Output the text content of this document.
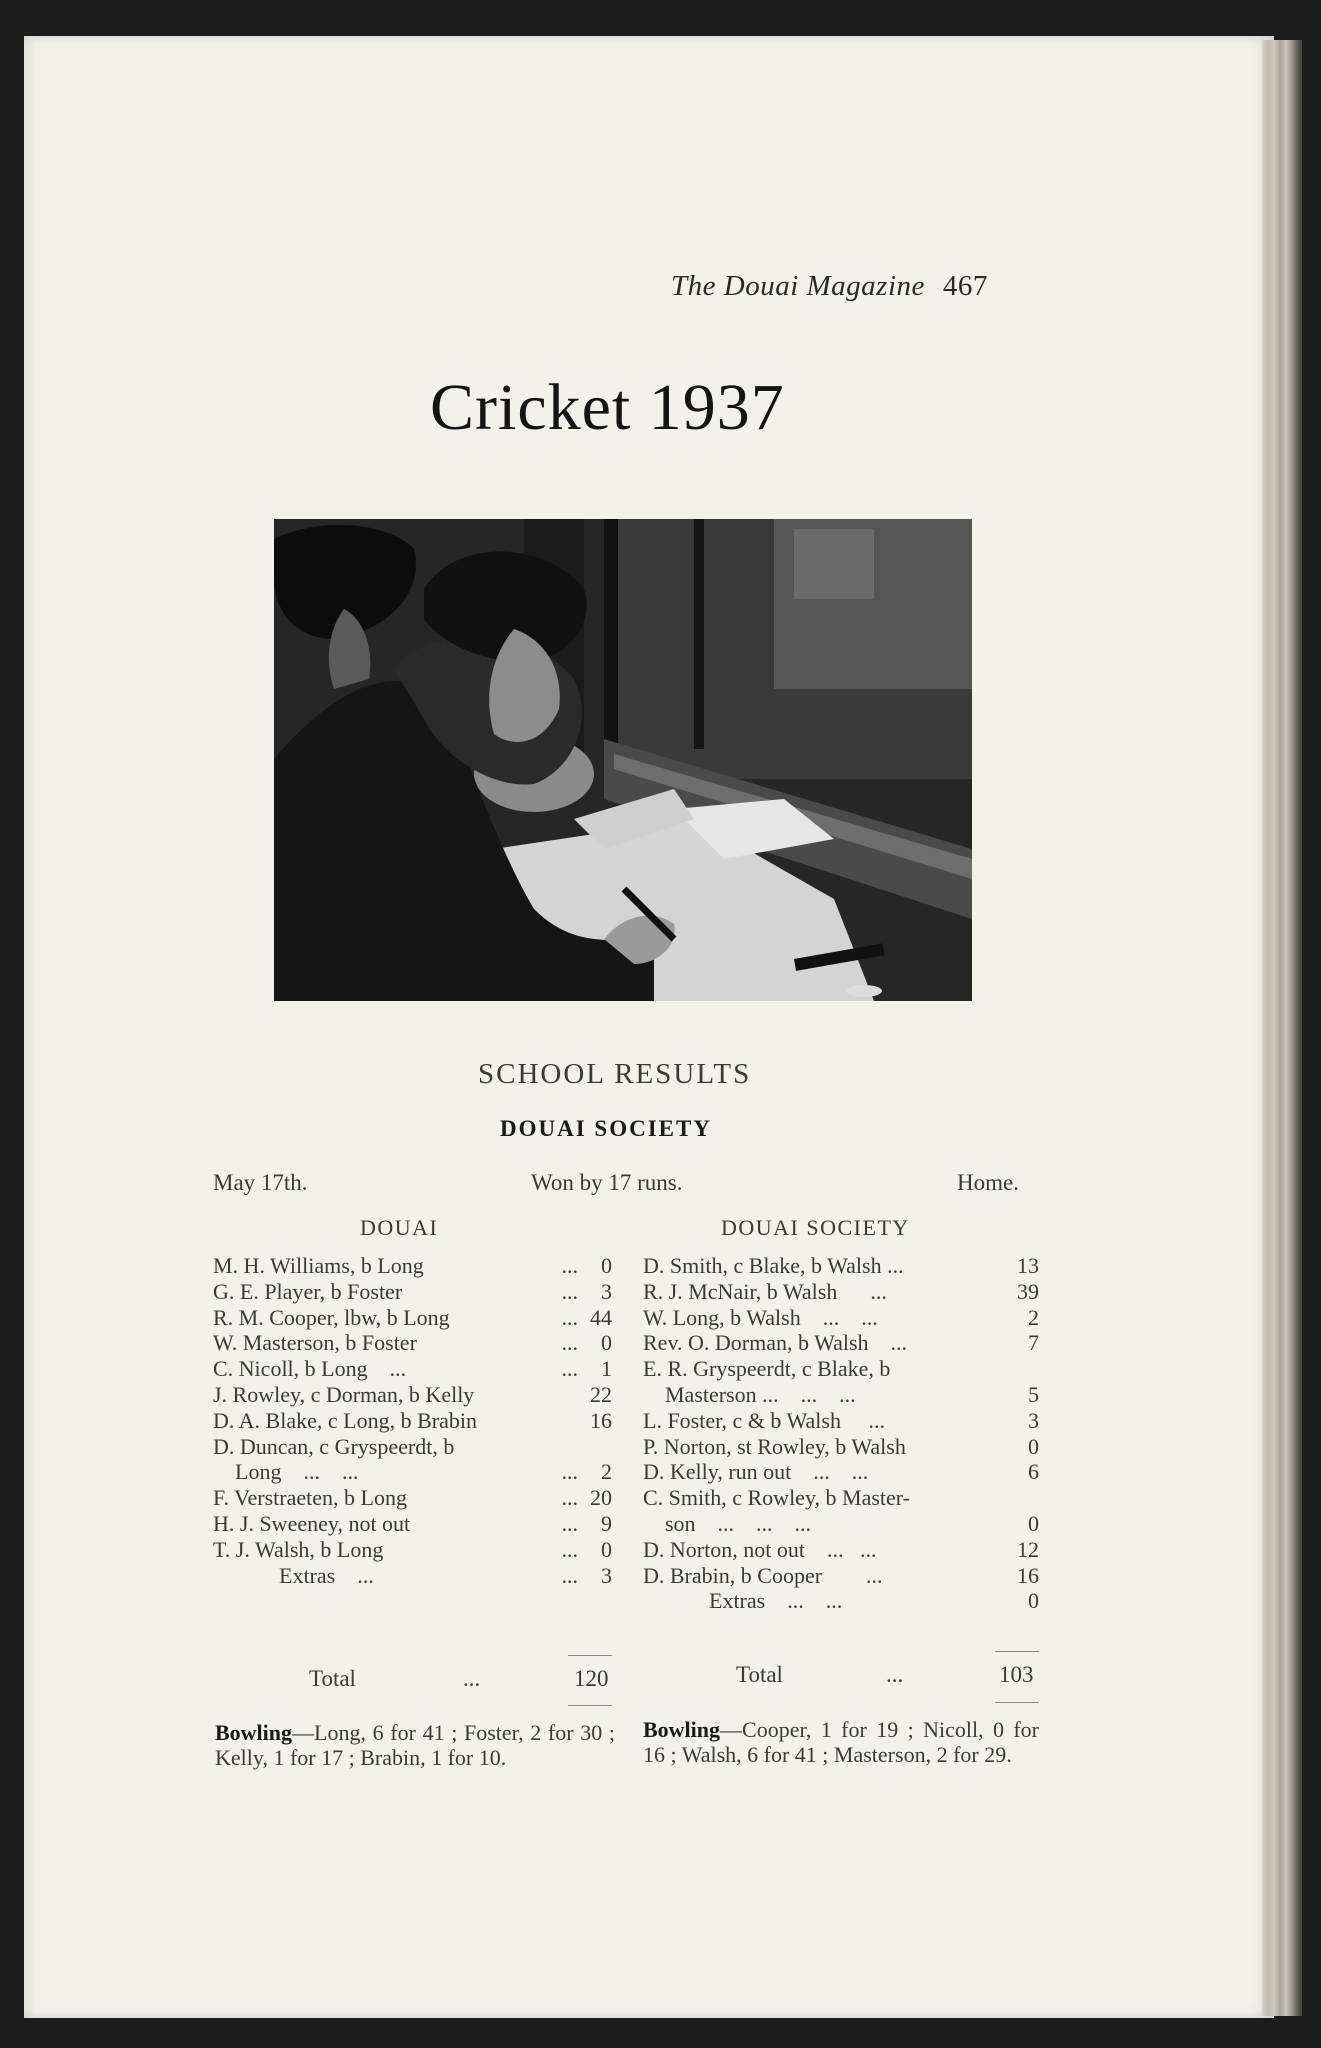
The Douai Magazine 467
Cricket 1937
SCHOOL RESULTS
DOUAI SOCIETY
May 17th.	Won by 17 runs.	Home.
DOUAI	DOUAI SOCIETY
M. H. Williams, b Long	... 0
G. E. Player, b Foster	... 3
R. M. Cooper, lbw, b Long	... 44
W. Masterson, b Foster	... 0
C. Nicoll, b Long    ...	... 1
J. Rowley, c Dorman, b Kelly	22
D. A. Blake, c Long, b Brabin	16
D. Duncan, c Gryspeerdt, b
Long    ...    ...	... 2
F. Verstraeten, b Long	... 20
H. J. Sweeney, not out	... 9
T. J. Walsh, b Long	... 0
Extras    ...	... 3
D. Smith, c Blake, b Walsh ...	13
R. J. McNair, b Walsh      ...	39
W. Long, b Walsh    ...    ...	2
Rev. O. Dorman, b Walsh    ...	7
E. R. Gryspeerdt, c Blake, b
Masterson ...    ...    ...	5
L. Foster, c & b Walsh     ...	3
P. Norton, st Rowley, b Walsh	0
D. Kelly, run out    ...    ...	6
C. Smith, c Rowley, b Master-
son    ...    ...    ...	0
D. Norton, not out    ...   ...	12
D. Brabin, b Cooper        ...	16
Extras    ...    ...	0
Total	...	120	Total	...	103
Bowling—Long, 6 for 41 ; Foster, 2 for 30 ; Kelly, 1 for 17 ; Brabin, 1 for 10.
Bowling—Cooper, 1 for 19 ; Nicoll, 0 for 16 ; Walsh, 6 for 41 ; Masterson, 2 for 29.
